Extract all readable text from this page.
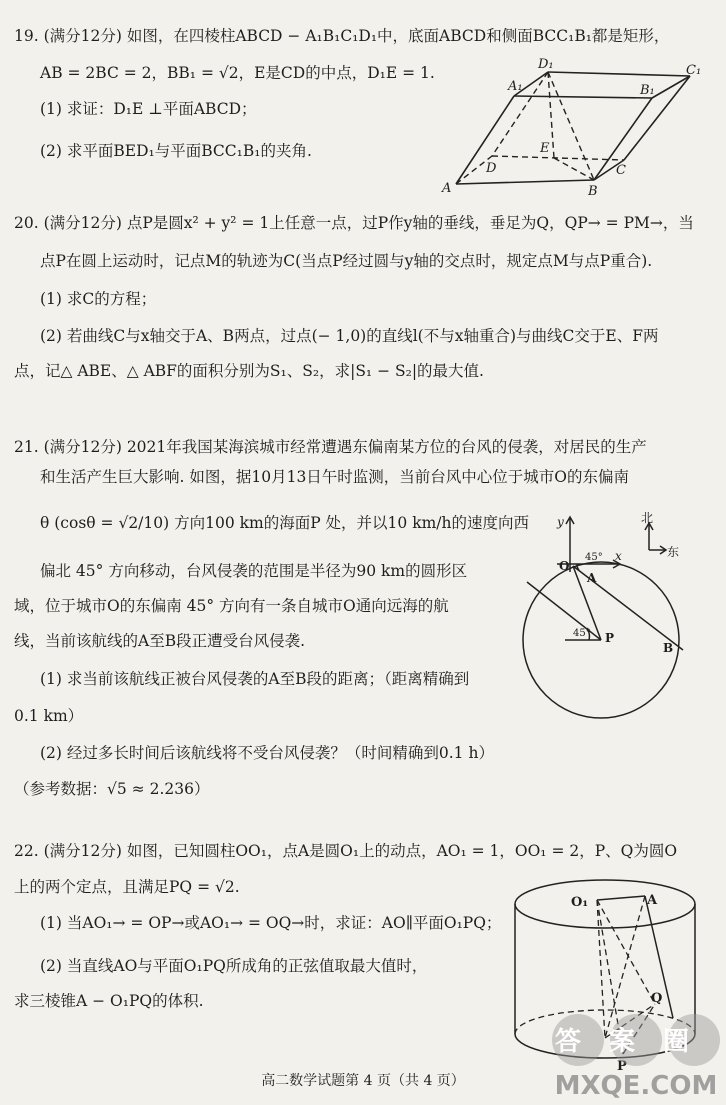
19. (满分12分) 如图，在四棱柱ABCD − A₁B₁C₁D₁中，底面ABCD和侧面BCC₁B₁都是矩形，
AB = 2BC = 2，BB₁ = √2，E是CD的中点，D₁E = 1.
(1) 求证：D₁E ⊥平面ABCD；
(2) 求平面BED₁与平面BCC₁B₁的夹角.
A₁
D₁
B₁
C₁
A
D
E
B
C
20. (满分12分) 点P是圆x² + y² = 1上任意一点，过P作y轴的垂线，垂足为Q，QP→ = PM→，当
点P在圆上运动时，记点M的轨迹为C(当点P经过圆与y轴的交点时，规定点M与点P重合).
(1) 求C的方程；
(2) 若曲线C与x轴交于A、B两点，过点(− 1,0)的直线l(不与x轴重合)与曲线C交于E、F两
点，记△ ABE、△ ABF的面积分别为S₁、S₂，求|S₁ − S₂|的最大值.
21. (满分12分) 2021年我国某海滨城市经常遭遇东偏南某方位的台风的侵袭，对居民的生产
和生活产生巨大影响. 如图，据10月13日午时监测，当前台风中心位于城市O的东偏南
θ (cosθ = √2/10) 方向100 km的海面P 处，并以10 km/h的速度向西
偏北 45° 方向移动，台风侵袭的范围是半径为90 km的圆形区
域，位于城市O的东偏南 45° 方向有一条自城市O通向远海的航
线，当前该航线的A至B段正遭受台风侵袭.
(1) 求当前该航线正被台风侵袭的A至B段的距离；（距离精确到
0.1 km）
(2) 经过多长时间后该航线将不受台风侵袭？（时间精确到0.1 h）
（参考数据：√5 ≈ 2.236）
y
x
北
东
O
45°
A
P
45°
B
22. (满分12分) 如图，已知圆柱OO₁，点A是圆O₁上的动点，AO₁ = 1，OO₁ = 2，P、Q为圆O
上的两个定点，且满足PQ = √2.
(1) 当AO₁→ = OP→或AO₁→ = OQ→时，求证：AO∥平面O₁PQ；
(2) 当直线AO与平面O₁PQ所成角的正弦值取最大值时，
求三棱锥A − O₁PQ的体积.
O₁	A
Q
P
答案圈
MXQE.COM
高二数学试题第 4 页（共 4 页）
